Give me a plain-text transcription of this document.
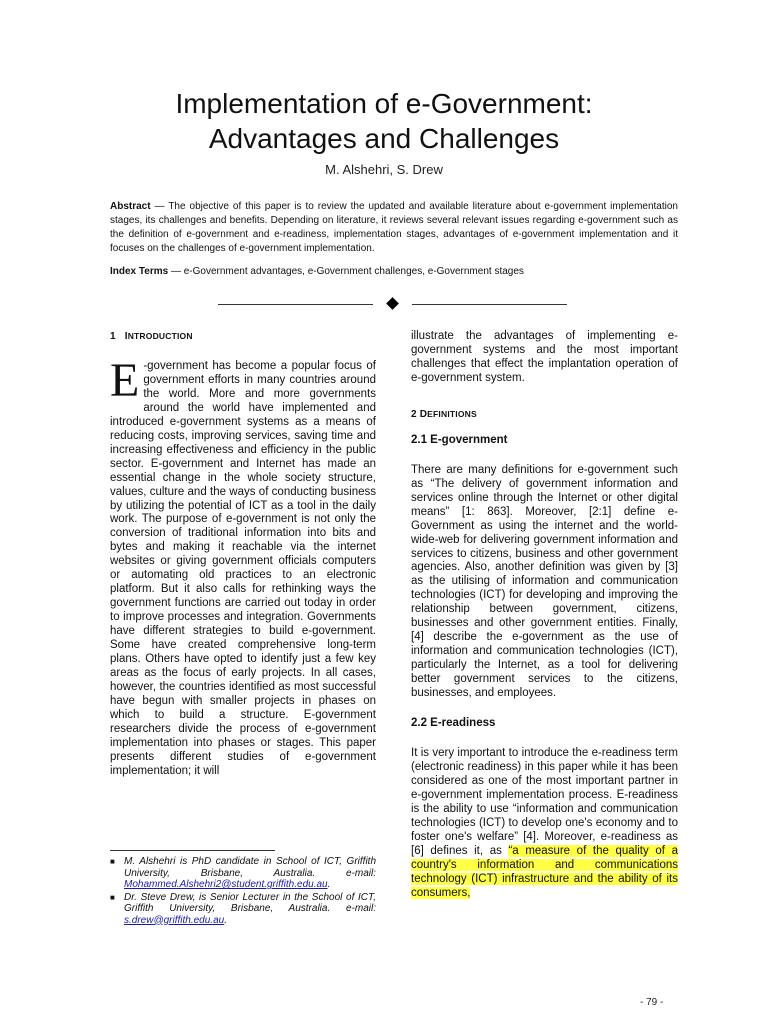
Implementation of e-Government:
Advantages and Challenges
M. Alshehri, S. Drew
Abstract — The objective of this paper is to review the updated and available literature about e-government implementation stages, its challenges and benefits. Depending on literature, it reviews several relevant issues regarding e-government such as the definition of e-government and e-readiness, implementation stages, advantages of e-government implementation and it focuses on the challenges of e-government implementation.
Index Terms — e-Government advantages, e-Government challenges, e-Government stages
1 INTRODUCTION
E -government has become a popular focus of government efforts in many countries around the world. More and more governments around the world have implemented and introduced e-government systems as a means of reducing costs, improving services, saving time and increasing effectiveness and efficiency in the public sector. E-government and Internet has made an essential change in the whole society structure, values, culture and the ways of conducting business by utilizing the potential of ICT as a tool in the daily work. The purpose of e-government is not only the conversion of traditional information into bits and bytes and making it reachable via the internet websites or giving government officials computers or automating old practices to an electronic platform. But it also calls for rethinking ways the government functions are carried out today in order to improve processes and integration. Governments have different strategies to build e-government. Some have created comprehensive long-term plans. Others have opted to identify just a few key areas as the focus of early projects. In all cases, however, the countries identified as most successful have begun with smaller projects in phases on which to build a structure. E-government researchers divide the process of e-government implementation into phases or stages. This paper presents different studies of e-government implementation; it will
illustrate the advantages of implementing e-government systems and the most important challenges that effect the implantation operation of e-government system.
2 DEFINITIONS
2.1 E-government
There are many definitions for e-government such as “The delivery of government information and services online through the Internet or other digital means” [1: 863]. Moreover, [2:1] define e-Government as using the internet and the world-wide-web for delivering government information and services to citizens, business and other government agencies. Also, another definition was given by [3] as the utilising of information and communication technologies (ICT) for developing and improving the relationship between government, citizens, businesses and other government entities. Finally, [4] describe the e-government as the use of information and communication technologies (ICT), particularly the Internet, as a tool for delivering better government services to the citizens, businesses, and employees.
2.2 E-readiness
It is very important to introduce the e-readiness term (electronic readiness) in this paper while it has been considered as one of the most important partner in e-government implementation process. E-readiness is the ability to use “information and communication technologies (ICT) to develop one's economy and to foster one's welfare” [4]. Moreover, e-readiness as [6] defines it, as “a measure of the quality of a country's information and communications technology (ICT) infrastructure and the ability of its consumers,
■ M. Alshehri is PhD candidate in School of ICT, Griffith University, Brisbane, Australia. e-mail: Mohammed.Alshehri2@student.griffith.edu.au.
■ Dr. Steve Drew, is Senior Lecturer in the School of ICT, Griffith University, Brisbane, Australia. e-mail: s.drew@griffith.edu.au.
- 79 -
